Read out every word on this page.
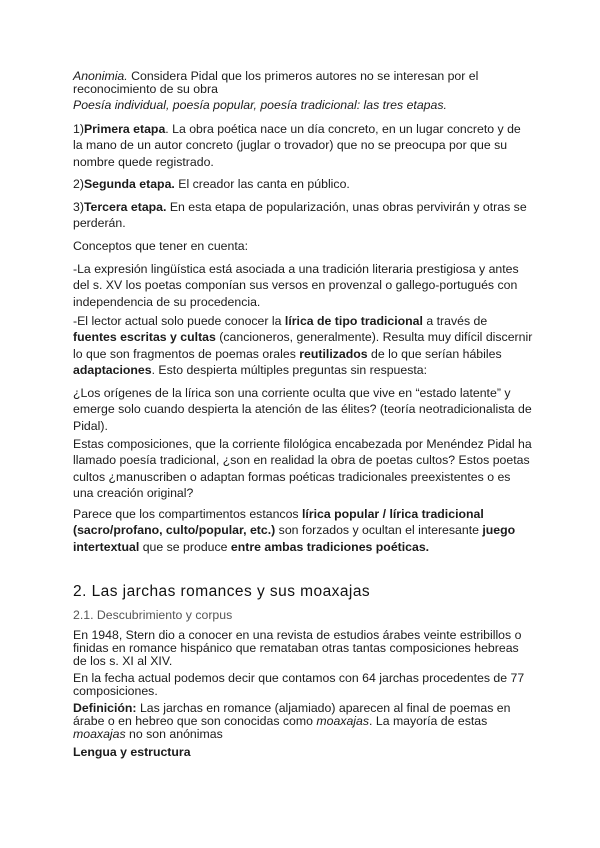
Anonimia. Considera Pidal que los primeros autores no se interesan por el reconocimiento de su obra

Poesía individual, poesía popular, poesía tradicional: las tres etapas.

1)Primera etapa. La obra poética nace un día concreto, en un lugar concreto y de la mano de un autor concreto (juglar o trovador) que no se preocupa por que su nombre quede registrado.

2)Segunda etapa. El creador las canta en público.

3)Tercera etapa. En esta etapa de popularización, unas obras pervivirán y otras se perderán.

Conceptos que tener en cuenta:

-La expresión lingüística está asociada a una tradición literaria prestigiosa y antes del s. XV los poetas componían sus versos en provenzal o gallego-portugués con independencia de su procedencia.

-El lector actual solo puede conocer la lírica de tipo tradicional a través de fuentes escritas y cultas (cancioneros, generalmente). Resulta muy difícil discernir lo que son fragmentos de poemas orales reutilizados de lo que serían hábiles adaptaciones. Esto despierta múltiples preguntas sin respuesta:

¿Los orígenes de la lírica son una corriente oculta que vive en “estado latente” y emerge solo cuando despierta la atención de las élites? (teoría neotradicionalista de Pidal).

Estas composiciones, que la corriente filológica encabezada por Menéndez Pidal ha llamado poesía tradicional, ¿son en realidad la obra de poetas cultos? Estos poetas cultos ¿manuscriben o adaptan formas poéticas tradicionales preexistentes o es una creación original?

Parece que los compartimentos estancos lírica popular / lírica tradicional (sacro/profano, culto/popular, etc.) son forzados y ocultan el interesante juego intertextual que se produce entre ambas tradiciones poéticas.

2. Las jarchas romances y sus moaxajas

2.1. Descubrimiento y corpus

En 1948, Stern dio a conocer en una revista de estudios árabes veinte estribillos o finidas en romance hispánico que remataban otras tantas composiciones hebreas de los s. XI al XIV.

En la fecha actual podemos decir que contamos con 64 jarchas procedentes de 77 composiciones.

Definición: Las jarchas en romance (aljamiado) aparecen al final de poemas en árabe o en hebreo que son conocidas como moaxajas. La mayoría de estas moaxajas no son anónimas

Lengua y estructura
